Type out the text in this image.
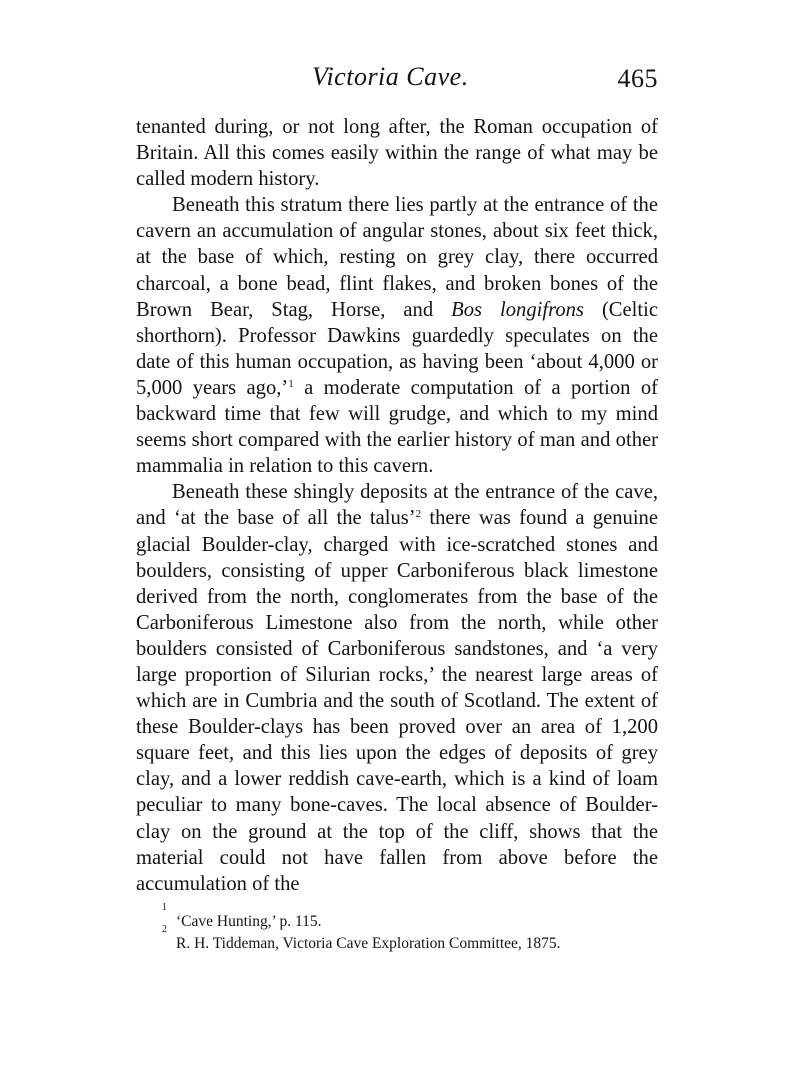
Victoria Cave.	465

tenanted during, or not long after, the Roman occupation of Britain. All this comes easily within the range of what may be called modern history.

Beneath this stratum there lies partly at the entrance of the cavern an accumulation of angular stones, about six feet thick, at the base of which, resting on grey clay, there occurred charcoal, a bone bead, flint flakes, and broken bones of the Brown Bear, Stag, Horse, and Bos longifrons (Celtic shorthorn). Professor Dawkins guardedly speculates on the date of this human occupation, as having been ‘about 4,000 or 5,000 years ago,’$^1$ a moderate computation of a portion of backward time that few will grudge, and which to my mind seems short compared with the earlier history of man and other mammalia in relation to this cavern.

Beneath these shingly deposits at the entrance of the cave, and ‘at the base of all the talus’$^2$ there was found a genuine glacial Boulder-clay, charged with ice-scratched stones and boulders, consisting of upper Carboniferous black limestone derived from the north, conglomerates from the base of the Carboniferous Limestone also from the north, while other boulders consisted of Carboniferous sandstones, and ‘a very large proportion of Silurian rocks,’ the nearest large areas of which are in Cumbria and the south of Scotland. The extent of these Boulder-clays has been proved over an area of 1,200 square feet, and this lies upon the edges of deposits of grey clay, and a lower reddish cave-earth, which is a kind of loam peculiar to many bone-caves. The local absence of Boulder-clay on the ground at the top of the cliff, shows that the material could not have fallen from above before the accumulation of the

1
‘Cave Hunting,’ p. 115.
2
R. H. Tiddeman, Victoria Cave Exploration Committee, 1875.
